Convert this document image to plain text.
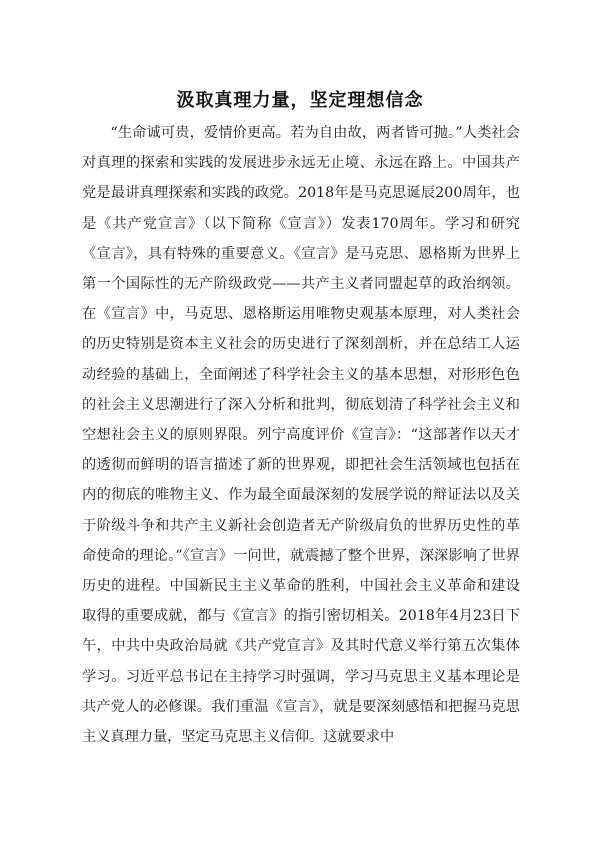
汲取真理力量，坚定理想信念

“生命诚可贵，爱情价更高。若为自由故，两者皆可抛。”人类社会对真理的探索和实践的发展进步永远无止境、永远在路上。中国共产党是最讲真理探索和实践的政党。2018年是马克思诞辰200周年，也是《共产党宣言》（以下简称《宣言》）发表170周年。学习和研究《宣言》，具有特殊的重要意义。《宣言》是马克思、恩格斯为世界上第一个国际性的无产阶级政党——共产主义者同盟起草的政治纲领。在《宣言》中，马克思、恩格斯运用唯物史观基本原理，对人类社会的历史特别是资本主义社会的历史进行了深刻剖析，并在总结工人运动经验的基础上，全面阐述了科学社会主义的基本思想，对形形色色的社会主义思潮进行了深入分析和批判，彻底划清了科学社会主义和空想社会主义的原则界限。列宁高度评价《宣言》：“这部著作以天才的透彻而鲜明的语言描述了新的世界观，即把社会生活领域也包括在内的彻底的唯物主义、作为最全面最深刻的发展学说的辩证法以及关于阶级斗争和共产主义新社会创造者无产阶级肩负的世界历史性的革命使命的理论。”《宣言》一问世，就震撼了整个世界，深深影响了世界历史的进程。中国新民主主义革命的胜利，中国社会主义革命和建设取得的重要成就，都与《宣言》的指引密切相关。2018年4月23日下午，中共中央政治局就《共产党宣言》及其时代意义举行第五次集体学习。习近平总书记在主持学习时强调，学习马克思主义基本理论是共产党人的必修课。我们重温《宣言》，就是要深刻感悟和把握马克思主义真理力量，坚定马克思主义信仰。这就要求中
